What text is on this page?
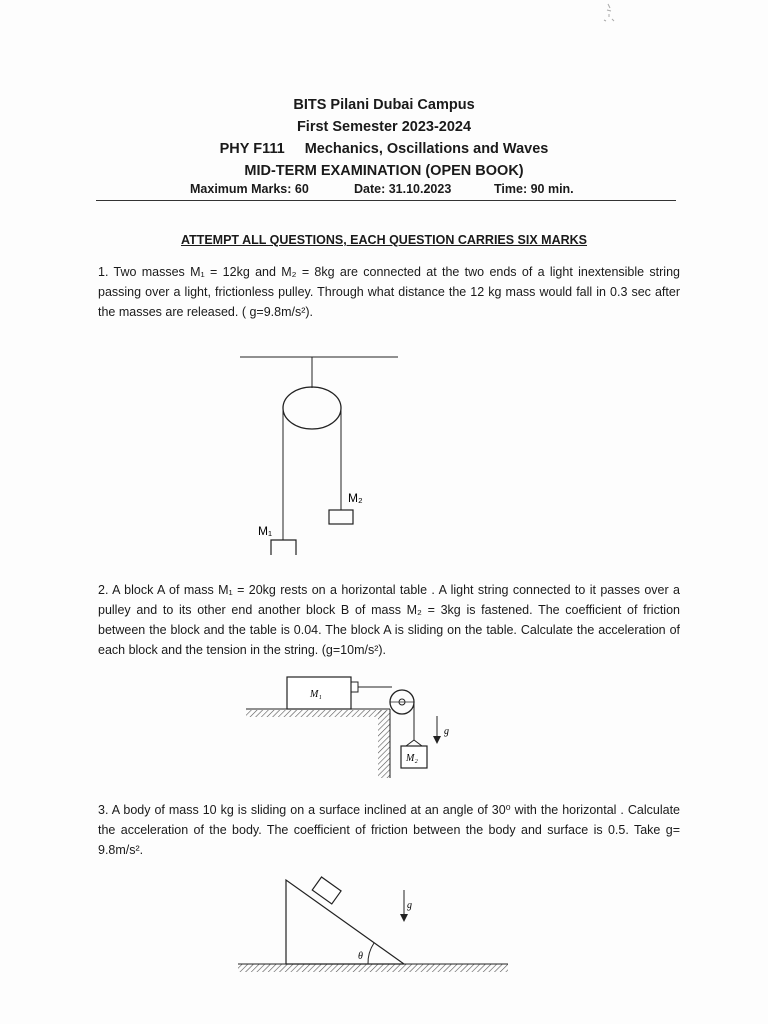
BITS Pilani Dubai Campus
First Semester 2023-2024
PHY F111 Mechanics, Oscillations and Waves
MID-TERM EXAMINATION (OPEN BOOK)
Maximum Marks: 60	Date: 31.10.2023	Time: 90 min.
ATTEMPT ALL QUESTIONS, EACH QUESTION CARRIES SIX MARKS
1. Two masses M₁ = 12kg and M₂ = 8kg are connected at the two ends of a light inextensible string passing over a light, frictionless pulley. Through what distance the 12 kg mass would fall in 0.3 sec after the masses are released. ( g=9.8m/s²).
M₂
M₁
2. A block A of mass M₁ = 20kg rests on a horizontal table . A light string connected to it passes over a pulley and to its other end another block B of mass M₂ = 3kg is fastened. The coefficient of friction between the block and the table is 0.04. The block A is sliding on the table. Calculate the acceleration of each block and the tension in the string. (g=10m/s²).
M₁
M₂
g
3. A body of mass 10 kg is sliding on a surface inclined at an angle of 30⁰ with the horizontal . Calculate the acceleration of the body. The coefficient of friction between the body and surface is 0.5. Take g= 9.8m/s².
θ
g
